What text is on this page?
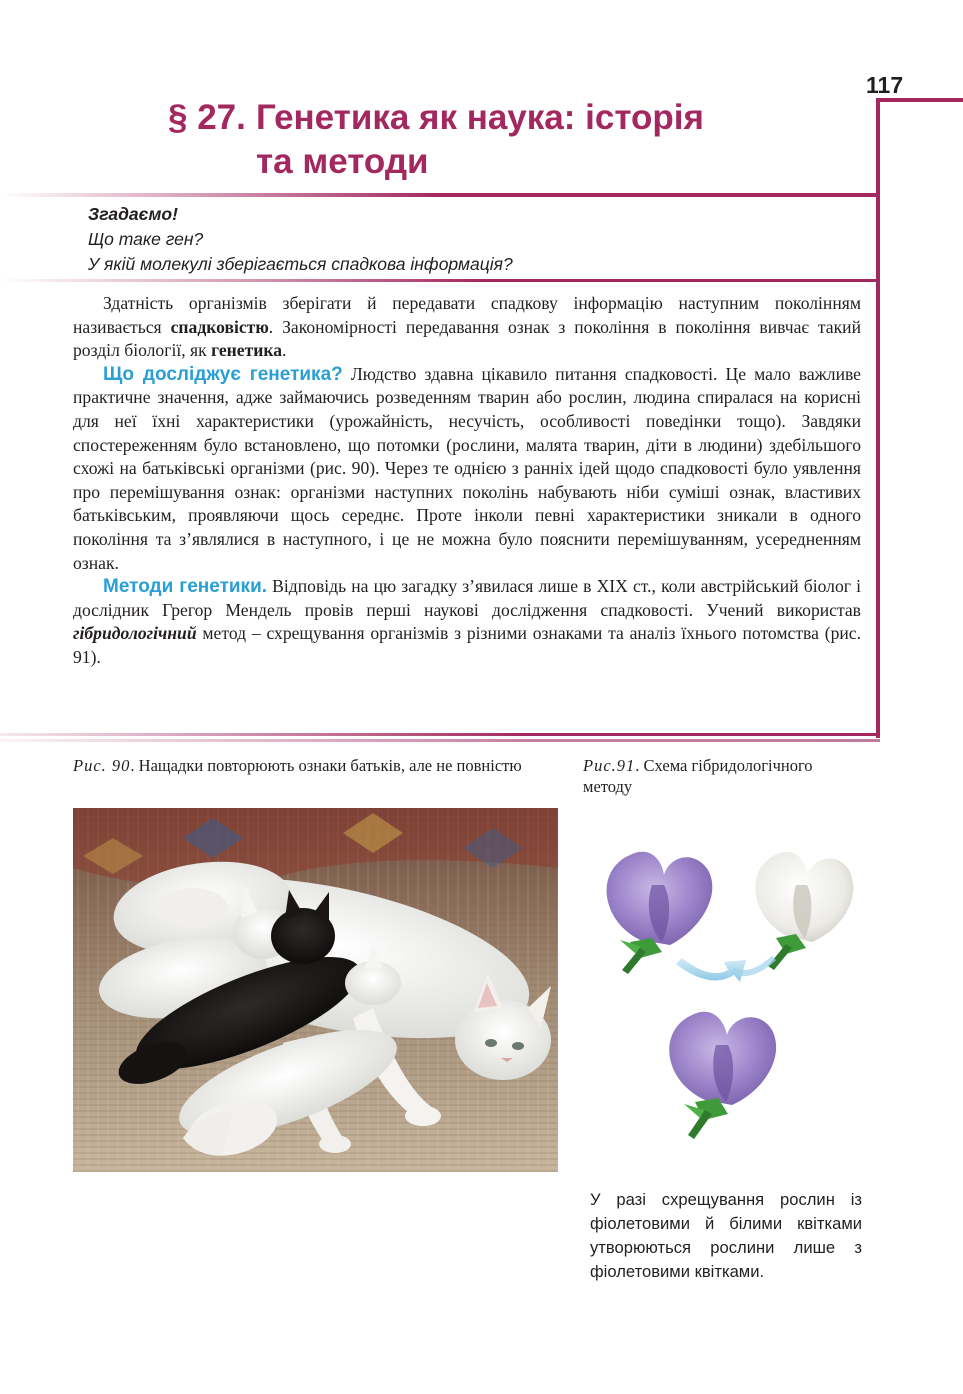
117
§ 27. Генетика як наука: історія
та методи
Згадаємо!
Що таке ген?
У якій молекулі зберігається спадкова інформація?

Здатність організмів зберігати й передавати спадкову інформацію наступним поколінням називається спадковістю. Закономірності передавання ознак з покоління в покоління вивчає такий розділ біології, як генетика.

Що досліджує генетика? Людство здавна цікавило питання спадковості. Це мало важливе практичне значення, адже займаючись розведенням тварин або рослин, людина спиралася на корисні для неї їхні характеристики (урожайність, несучість, особливості поведінки тощо). Завдяки спостереженням було встановлено, що потомки (рослини, малята тварин, діти в людини) здебільшого схожі на батьківські організми (рис. 90). Через те однією з ранніх ідей щодо спадковості було уявлення про перемішування ознак: організми наступних поколінь набувають ніби суміші ознак, властивих батьківським, проявляючи щось середнє. Проте інколи певні характеристики зникали в одного покоління та з’являлися в наступного, і це не можна було пояснити перемішуванням, усередненням ознак.

Методи генетики. Відповідь на цю загадку з’явилася лише в XIX ст., коли австрійський біолог і дослідник Грегор Мендель провів перші наукові дослідження спадковості. Учений використав гібридологічний метод – схрещування організмів з різними ознаками та аналіз їхнього потомства (рис. 91).

Рис. 90. Нащадки повторюють ознаки батьків, але не повністю	Рис.91. Схема гібридологічного методу
У разі схрещування рослин із фіолетовими й білими квітками утворюються рослини лише з фіолетовими квітками.
